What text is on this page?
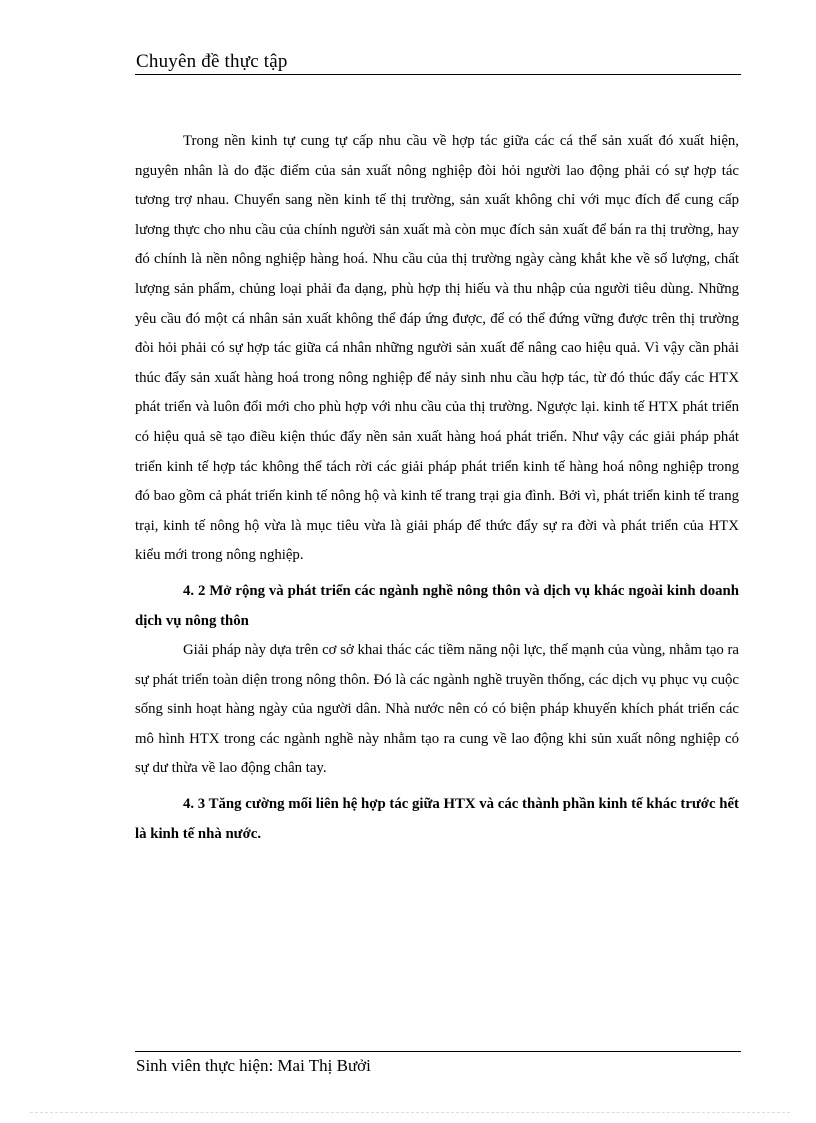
Chuyên đề thực tập

Trong nền kinh tự cung tự cấp nhu cầu về hợp tác giữa các cá thể sản xuất đó xuất hiện, nguyên nhân là do đặc điểm của sản xuất nông nghiệp đòi hỏi người lao động phải có sự hợp tác tương trợ nhau. Chuyển sang nền kinh tế thị trường, sản xuất không chỉ với mục đích để cung cấp lương thực cho nhu cầu của chính người sản xuất mà còn mục đích sản xuất để bán ra thị trường, hay đó chính là nền nông nghiệp hàng hoá. Nhu cầu của thị trường ngày càng khắt khe về số lượng, chất lượng sản phẩm, chủng loại phải đa dạng, phù hợp thị hiếu và thu nhập của người tiêu dùng. Những yêu cầu đó một cá nhân sản xuất không thể đáp ứng được, để có thể đứng vững được trên thị trường đòi hỏi phải có sự hợp tác giữa cá nhân những người sản xuất để nâng cao hiệu quả. Vì vậy cần phải thúc đẩy sản xuất hàng hoá trong nông nghiệp để nảy sinh nhu cầu hợp tác, từ đó thúc đẩy các HTX phát triển và luôn đổi mới cho phù hợp với nhu cầu của thị trường. Ngược lại. kinh tế HTX phát triển có hiệu quả sẽ tạo điều kiện thúc đẩy nền sản xuất hàng hoá phát triển. Như vậy các giải pháp phát triển kinh tế hợp tác không thể tách rời các giải pháp phát triển kinh tế hàng hoá nông nghiệp trong đó bao gồm cả phát triển kinh tế nông hộ và kinh tế trang trại gia đình. Bởi vì, phát triển kinh tế trang trại, kinh tế nông hộ vừa là mục tiêu vừa là giải pháp để thức đẩy sự ra đời và phát triển của HTX kiểu mới trong nông nghiệp.

4. 2 Mở rộng và phát triển các ngành nghề nông thôn và dịch vụ khác ngoài kinh doanh dịch vụ nông thôn

Giải pháp này dựa trên cơ sở khai thác các tiềm năng nội lực, thế mạnh của vùng, nhằm tạo ra sự phát triển toàn diện trong nông thôn. Đó là các ngành nghề truyền thống, các dịch vụ phục vụ cuộc sống sinh hoạt hàng ngày của người dân. Nhà nước nên có có biện pháp khuyến khích phát triển các mô hình HTX trong các ngành nghề này nhằm tạo ra cung về lao động khi sủn xuất nông nghiệp có sự dư thừa về lao động chân tay.

4. 3 Tăng cường mối liên hệ hợp tác giữa HTX và các thành phần kinh tế khác trước hết là kinh tế nhà nước.

Sinh viên thực hiện: Mai Thị Bưởi
